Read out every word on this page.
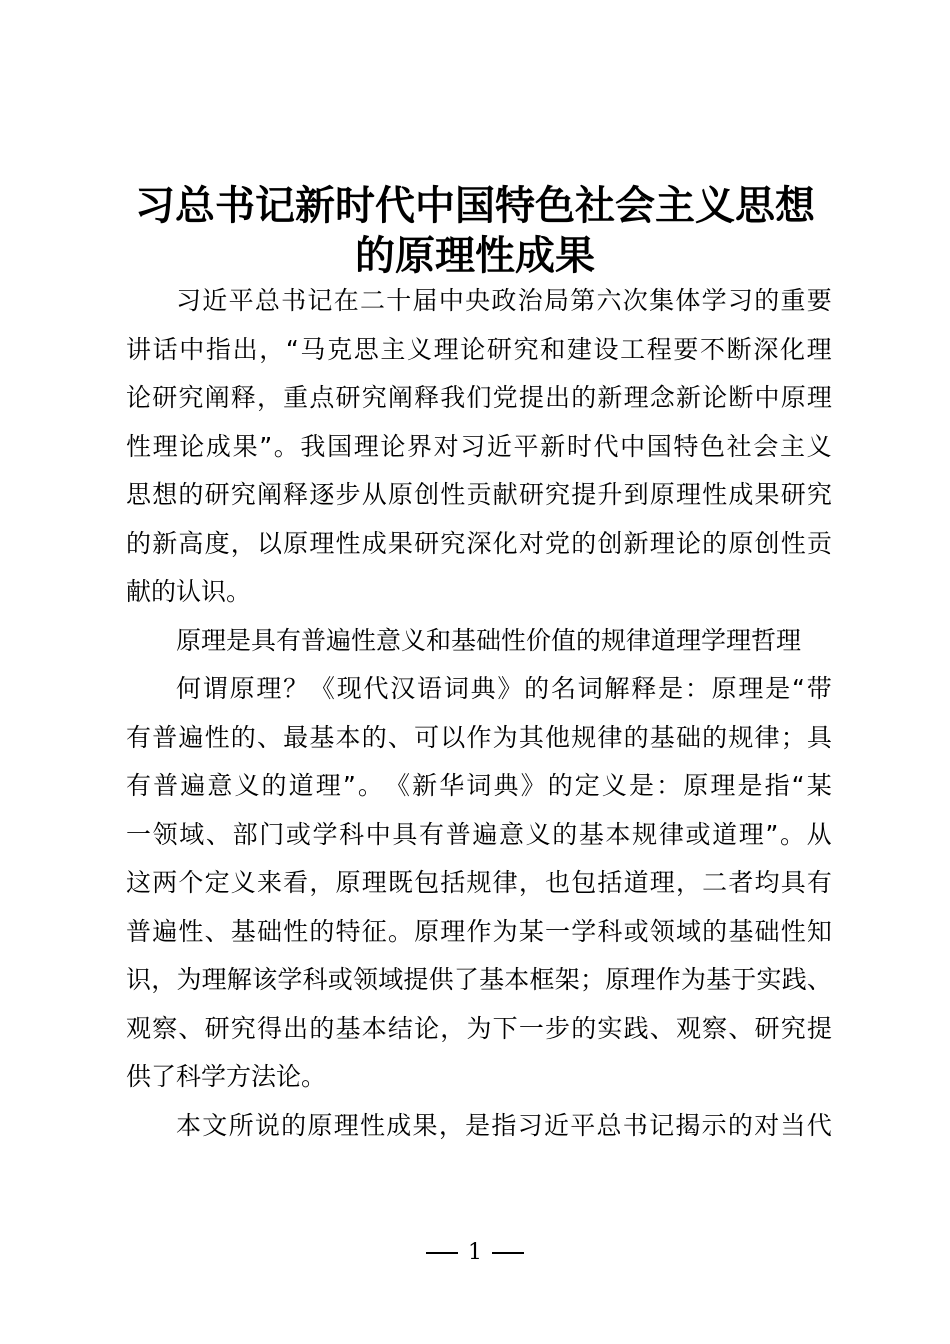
习总书记新时代中国特色社会主义思想
的原理性成果
习 近 平 总 书 记 在 二 十 届 中 央 政 治 局 第 六 次 集 体 学 习 的 重 要
讲 话 中 指 出 ， “ 马 克 思 主 义 理 论 研 究 和 建 设 工 程 要 不 断 深 化 理
论 研 究 阐 释 ， 重 点 研 究 阐 释 我 们 党 提 出 的 新 理 念 新 论 断 中 原 理
性 理 论 成 果 ” 。 我 国 理 论 界 对 习 近 平 新 时 代 中 国 特 色 社 会 主 义
思 想 的 研 究 阐 释 逐 步 从 原 创 性 贡 献 研 究 提 升 到 原 理 性 成 果 研 究
的 新 高 度 ， 以 原 理 性 成 果 研 究 深 化 对 党 的 创 新 理 论 的 原 创 性 贡
献的认识。
原理是具有普遍性意义和基础性价值的规律道理学理哲理
何 谓 原 理 ？ 《 现 代 汉 语 词 典 》 的 名 词 解 释 是 ： 原 理 是 “ 带
有 普 遍 性 的 、 最 基 本 的 、 可 以 作 为 其 他 规 律 的 基 础 的 规 律 ； 具
有 普 遍 意 义 的 道 理 ” 。 《 新 华 词 典 》 的 定 义 是 ： 原 理 是 指 “ 某
一 领 域 、 部 门 或 学 科 中 具 有 普 遍 意 义 的 基 本 规 律 或 道 理 ” 。 从
这 两 个 定 义 来 看 ， 原 理 既 包 括 规 律 ， 也 包 括 道 理 ， 二 者 均 具 有
普 遍 性 、 基 础 性 的 特 征 。 原 理 作 为 某 一 学 科 或 领 域 的 基 础 性 知
识 ， 为 理 解 该 学 科 或 领 域 提 供 了 基 本 框 架 ； 原 理 作 为 基 于 实 践 、
观 察 、 研 究 得 出 的 基 本 结 论 ， 为 下 一 步 的 实 践 、 观 察 、 研 究 提
供了科学方法论。
本 文 所 说 的 原 理 性 成 果 ， 是 指 习 近 平 总 书 记 揭 示 的 对 当 代
1
